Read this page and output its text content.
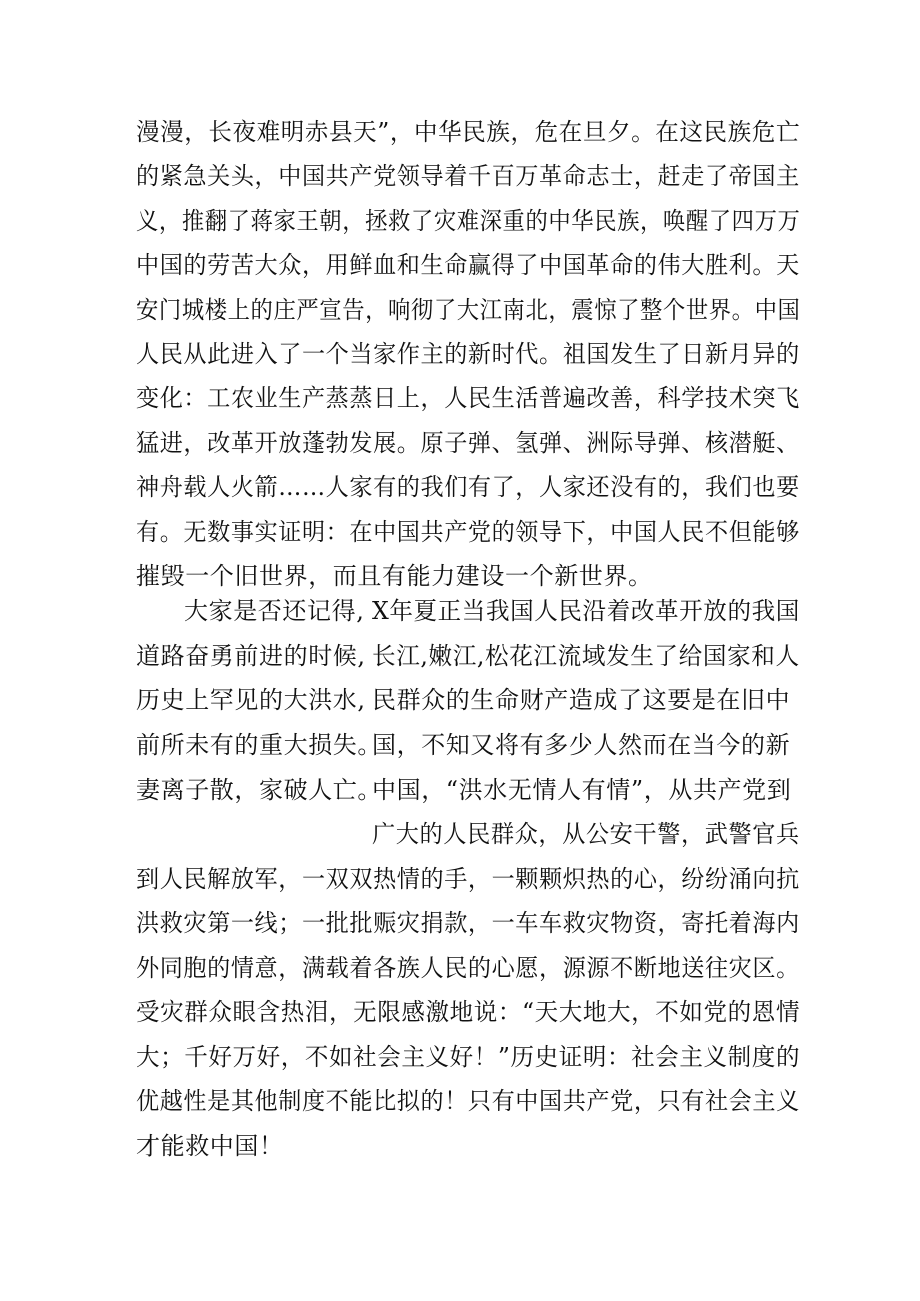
漫漫，长夜难明赤县天”，中华民族，危在旦夕。在这民族危亡
的紧急关头，中国共产党领导着千百万革命志士，赶走了帝国主
义，推翻了蒋家王朝，拯救了灾难深重的中华民族，唤醒了四万万
中国的劳苦大众，用鲜血和生命赢得了中国革命的伟大胜利。天
安门城楼上的庄严宣告，响彻了大江南北，震惊了整个世界。中国
人民从此进入了一个当家作主的新时代。祖国发生了日新月异的
变化：工农业生产蒸蒸日上，人民生活普遍改善，科学技术突飞
猛进，改革开放蓬勃发展。原子弹、氢弹、洲际导弹、核潜艇、
神舟载人火箭……人家有的我们有了，人家还没有的，我们也要
有。无数事实证明：在中国共产党的领导下，中国人民不但能够
摧毁一个旧世界，而且有能力建设一个新世界。
大家是否还记得,
道路奋勇前进的时候,
历史上罕见的大洪水,
前所未有的重大损失。
妻离子散，家破人亡。
X年夏正当我国人民沿着改革开放的我国
长江,嫩江,松花江流域发生了给国家和人
民群众的生命财产造成了这要是在旧中
国，不知又将有多少人然而在当今的新
中国，“洪水无情人有情”，从共产党到
广大的人民群众，从公安干警，武警官兵
到人民解放军，一双双热情的手，一颗颗炽热的心，纷纷涌向抗
洪救灾第一线；一批批赈灾捐款，一车车救灾物资，寄托着海内
外同胞的情意，满载着各族人民的心愿，源源不断地送往灾区。
受灾群众眼含热泪，无限感激地说：“天大地大，不如党的恩情
大；千好万好，不如社会主义好！”历史证明：社会主义制度的
优越性是其他制度不能比拟的！只有中国共产党，只有社会主义
才能救中国！
